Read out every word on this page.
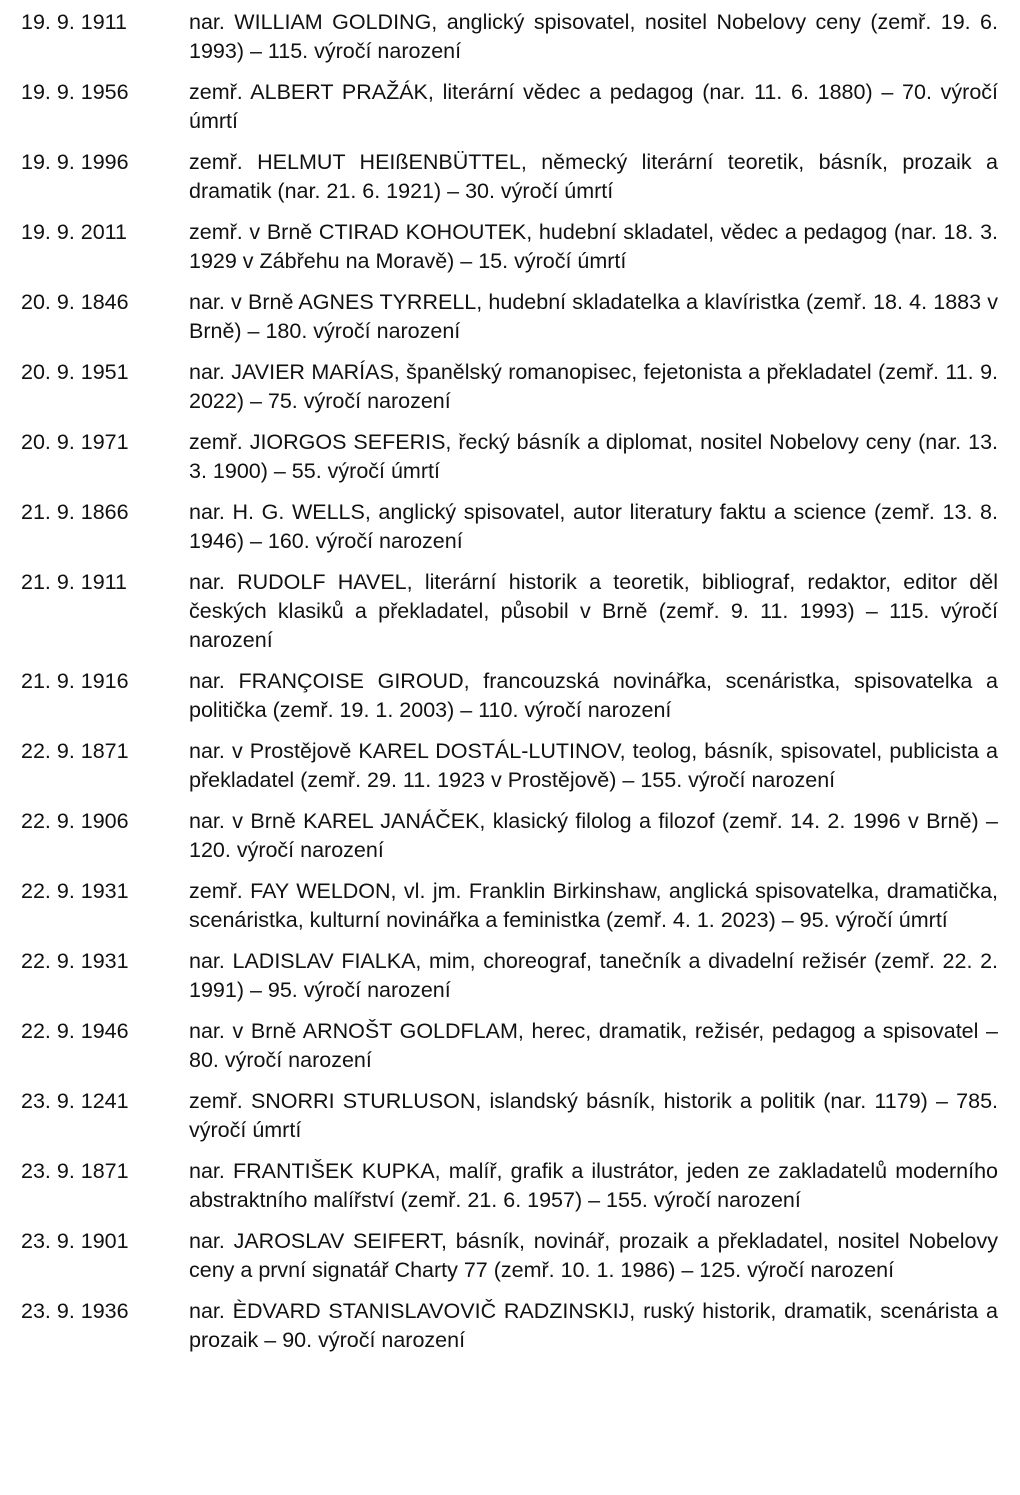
19. 9. 1911	nar. WILLIAM GOLDING, anglický spisovatel, nositel Nobelovy ceny (zemř. 19. 6. 1993) – 115. výročí narození
19. 9. 1956	zemř. ALBERT PRAŽÁK, literární vědec a pedagog (nar. 11. 6. 1880) – 70. výročí úmrtí
19. 9. 1996	zemř. HELMUT HEIßENBÜTTEL, německý literární teoretik, básník, prozaik a dramatik (nar. 21. 6. 1921) – 30. výročí úmrtí
19. 9. 2011	zemř. v Brně CTIRAD KOHOUTEK, hudební skladatel, vědec a pedagog (nar. 18. 3. 1929 v Zábřehu na Moravě) – 15. výročí úmrtí
20. 9. 1846	nar. v Brně AGNES TYRRELL, hudební skladatelka a klavíristka (zemř. 18. 4. 1883 v Brně) – 180. výročí narození
20. 9. 1951	nar. JAVIER MARÍAS, španělský romanopisec, fejetonista a překladatel (zemř. 11. 9. 2022) – 75. výročí narození
20. 9. 1971	zemř. JIORGOS SEFERIS, řecký básník a diplomat, nositel Nobelovy ceny (nar. 13. 3. 1900) – 55. výročí úmrtí
21. 9. 1866	nar. H. G. WELLS, anglický spisovatel, autor literatury faktu a science (zemř. 13. 8. 1946) – 160. výročí narození
21. 9. 1911	nar. RUDOLF HAVEL, literární historik a teoretik, bibliograf, redaktor, editor děl českých klasiků a překladatel, působil v Brně (zemř. 9. 11. 1993) – 115. výročí narození
21. 9. 1916	nar. FRANÇOISE GIROUD, francouzská novinářka, scenáristka, spisovatelka a politička (zemř. 19. 1. 2003) – 110. výročí narození
22. 9. 1871	nar. v Prostějově KAREL DOSTÁL-LUTINOV, teolog, básník, spisovatel, publicista a překladatel (zemř. 29. 11. 1923 v Prostějově) – 155. výročí narození
22. 9. 1906	nar. v Brně KAREL JANÁČEK, klasický filolog a filozof (zemř. 14. 2. 1996 v Brně) – 120. výročí narození
22. 9. 1931	zemř. FAY WELDON, vl. jm. Franklin Birkinshaw, anglická spisovatelka, dramatička, scenáristka, kulturní novinářka a feministka (zemř. 4. 1. 2023) – 95. výročí úmrtí
22. 9. 1931	nar. LADISLAV FIALKA, mim, choreograf, tanečník a divadelní režisér (zemř. 22. 2. 1991) – 95. výročí narození
22. 9. 1946	nar. v Brně ARNOŠT GOLDFLAM, herec, dramatik, režisér, pedagog a spisovatel – 80. výročí narození
23. 9. 1241	zemř. SNORRI STURLUSON, islandský básník, historik a politik (nar. 1179) – 785. výročí úmrtí
23. 9. 1871	nar. FRANTIŠEK KUPKA, malíř, grafik a ilustrátor, jeden ze zakladatelů moderního abstraktního malířství (zemř. 21. 6. 1957) – 155. výročí narození
23. 9. 1901	nar. JAROSLAV SEIFERT, básník, novinář, prozaik a překladatel, nositel Nobelovy ceny a první signatář Charty 77 (zemř. 10. 1. 1986) – 125. výročí narození
23. 9. 1936	nar. ÈDVARD STANISLAVOVIČ RADZINSKIJ, ruský historik, dramatik, scenárista a prozaik – 90. výročí narození
